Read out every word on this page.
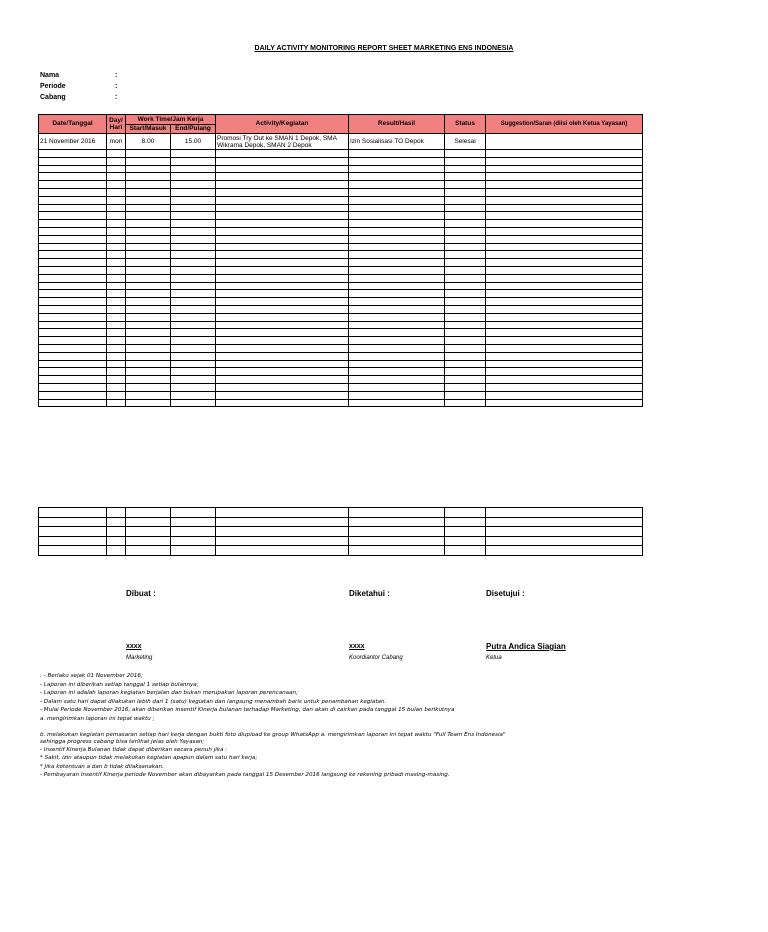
DAILY ACTIVITY MONITORING REPORT SHEET MARKETING ENS INDONESIA
Nama	:
Periode	:
Cabang	:
Date/Tanggal	Day/ Hari	Work Time/Jam Kerja		Activity/Kegiatan	Result/Hasil	Status	Suggestion/Saran (diisi oleh Ketua Yayasan)
		Start/Masuk	End/Pulang				
21 November 2016	mon	8.00	15.00	Promosi Try Out ke SMAN 1 Depok, SMA Wikrama Depok, SMAN 2 Depok	Izin Sosialisasi TO Depok	Selesai	

Dibuat :	Diketahui :	Disetujui :
xxxx	xxxx	Putra Andica Siagian
Marketing	Koordiantor Cabang	Ketua
: - Berlaku sejak 01 November 2016;
- Laporan ini diberikan setiap tanggal 1 setiap bulannya;
- Laporan ini adalah laporan kegiatan berjalan dan bukan merupakan laporan perencanaan;
- Dalam satu hari dapat dilakukan lebih dari 1 (satu) kegiatan dan langsung menambah baris untuk penambahan kegiatan.
- Mulai Periode November 2016, akan diberikan insentif Kinerja bulanan terhadap Marketing, dan akan di cairkan pada tanggal 15 bulan berikutnya
a. mengirimkan laporan ini tepat waktu ;
b. melakukan kegiatan pemasaran setiap hari kerja dengan bukti foto diupload ke group WhatsApp a. mengirimkan laporan ini tepat waktu "Full Team Ens Indonesia"
sehingga progress cabang bisa terlihat jelas oleh Yayasan;
- Insentif Kinerja Bulanan tidak dapat diberikan secara penuh jika :
* Sakit, izin ataupun tidak melakukan kegiatan apapun dalam satu hari kerja;
* Jika ketentuan a dan b tidak dilaksanakan.
- Pembayaran Insentif Kinerja periode November akan dibayarkan pada tanggal 15 Desember 2016 langsung ke rekening pribadi masing-masing.
